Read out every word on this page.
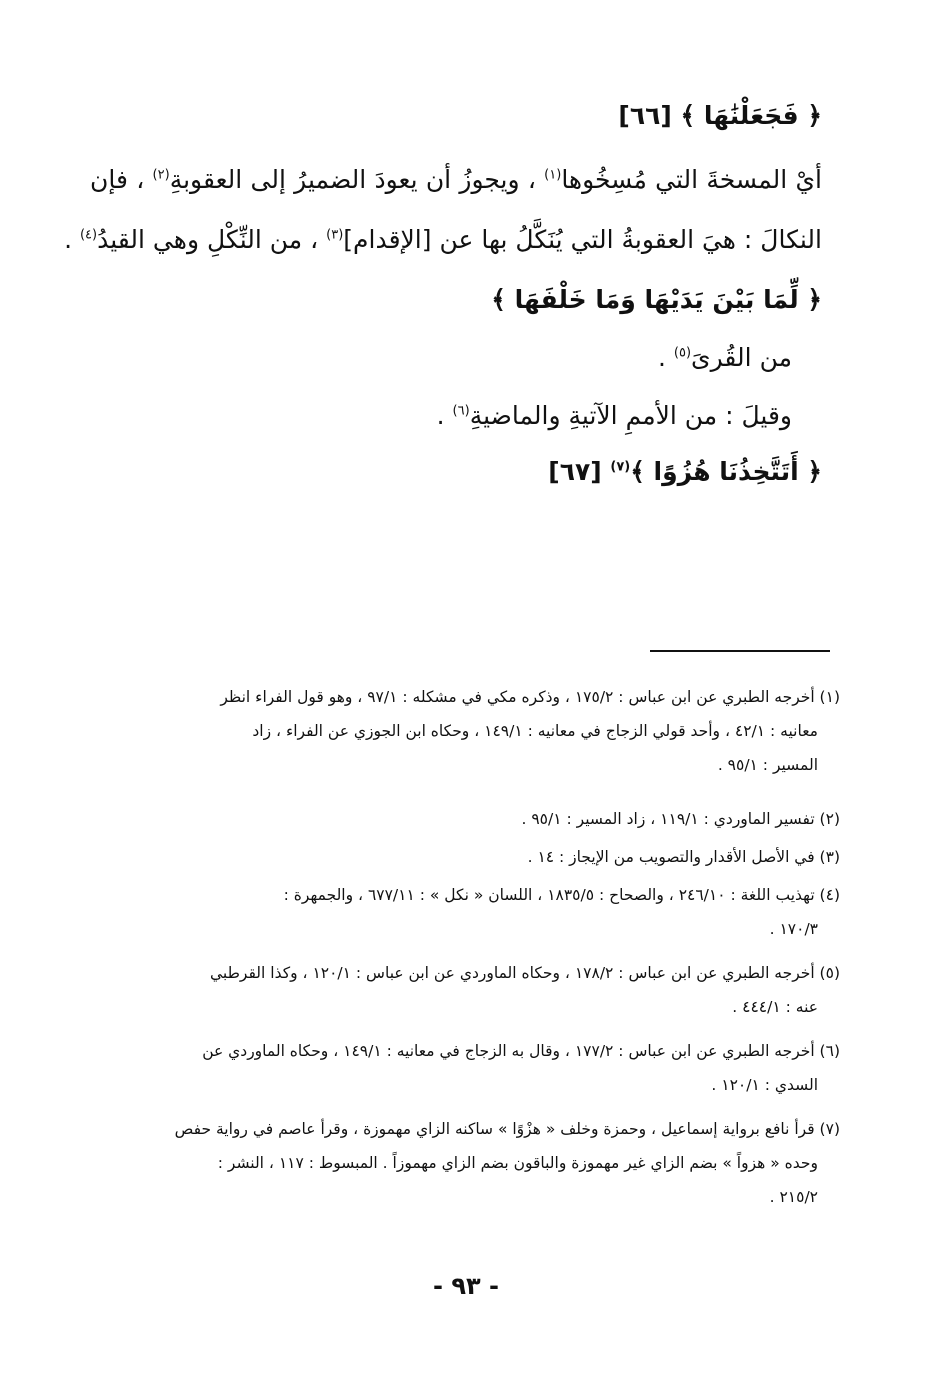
﴿ فَجَعَلْنَٰهَا ﴾ [٦٦]
أيْ المسخةَ التي مُسِخُوها$^{(١)}$ ، ويجوزُ أن يعودَ الضميرُ إلى العقوبةِ$^{(٢)}$ ، فإن
النكالَ : هيَ العقوبةُ التي يُنَكَّلُ بها عن [الإقدام]$^{(٣)}$ ، من النِّكْلِ وهي القيدُ$^{(٤)}$ .
﴿ لِّمَا بَيْنَ يَدَيْهَا وَمَا خَلْفَهَا ﴾
من القُرىَ$^{(٥)}$ .
وقيلَ : من الأممِ الآتيةِ والماضيةِ$^{(٦)}$ .
﴿ أَتَتَّخِذُنَا هُزُوًا ﴾$^{(٧)}$ [٦٧]
(١) أخرجه الطبري عن ابن عباس : ١٧٥/٢ ، وذكره مكي في مشكله : ٩٧/١ ، وهو قول الفراء انظر
معانيه : ٤٢/١ ، وأحد قولي الزجاج في معانيه : ١٤٩/١ ، وحكاه ابن الجوزي عن الفراء ، زاد
المسير : ٩٥/١ .
(٢) تفسير الماوردي : ١١٩/١ ، زاد المسير : ٩٥/١ .
(٣) في الأصل الأقدار والتصويب من الإيجاز : ١٤ .
(٤) تهذيب اللغة : ٢٤٦/١٠ ، والصحاح : ١٨٣٥/٥ ، اللسان « نكل » : ٦٧٧/١١ ، والجمهرة :
١٧٠/٣ .
(٥) أخرجه الطبري عن ابن عباس : ١٧٨/٢ ، وحكاه الماوردي عن ابن عباس : ١٢٠/١ ، وكذا القرطبي
عنه : ٤٤٤/١ .
(٦) أخرجه الطبري عن ابن عباس : ١٧٧/٢ ، وقال به الزجاج في معانيه : ١٤٩/١ ، وحكاه الماوردي عن
السدي : ١٢٠/١ .
(٧) قرأ نافع برواية إسماعيل ، وحمزة وخلف « هزْوًا » ساكنه الزاي مهموزة ، وقرأ عاصم في رواية حفص
وحده « هزواً » بضم الزاي غير مهموزة والباقون بضم الزاي مهموزاً . المبسوط : ١١٧ ، النشر :
٢١٥/٢ .
- ٩٣ -
